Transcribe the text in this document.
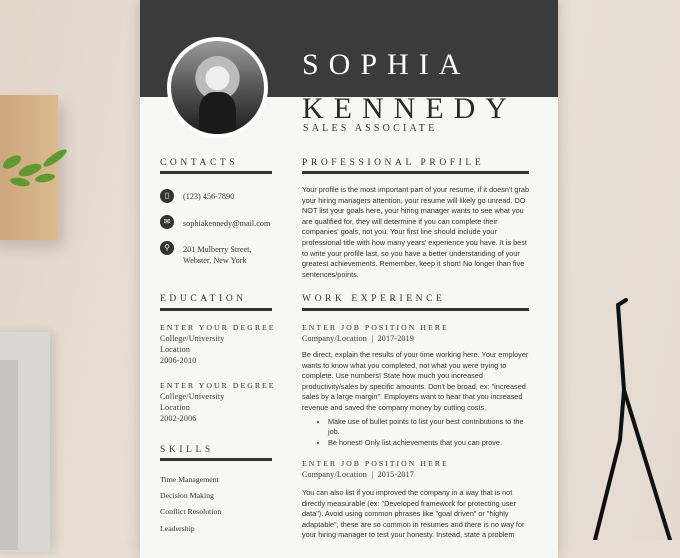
SOPHIA
KENNEDY
SALES ASSOCIATE
CONTACTS
▯	(123) 456-7890
✉	sophiakennedy@mail.com
⚲	201 Mulberry Street,
Webster, New York
PROFESSIONAL PROFILE
Your profile is the most important part of your resume, if it doesn't grab your hiring managers attention, your resume will likely go unread. DO NOT list your goals here, your hiring manager wants to see what you are qualified for, they will determine if you can complete their companies' goals, not you. Your first line should include your professional title with how many years' experience you have. It is best to write your profile last, so you have a better understanding of your greatest achievements. Remember, keep it short! No longer than five sentences/points.
EDUCATION
ENTER YOUR DEGREE
College/University
Location
2006-2010
ENTER YOUR DEGREE
College/University
Location
2002-2006
SKILLS
Time Management
Decision Making
Conflict Resolution
Leadership
WORK EXPERIENCE
ENTER JOB POSITION HERE
Company/Location  |  2017-2019
Be direct, explain the results of your time working here. Your employer wants to know what you completed, not what you were trying to complete. Use numbers! State how much you increased productivity/sales by specific amounts. Don't be broad, ex: "increased sales by a large margin". Employers want to hear that you increased revenue and saved the company money by cutting costs.
• Make use of bullet points to list your best contributions to the job.
• Be honest! Only list achievements that you can prove.
ENTER JOB POSITION HERE
Company/Location  |  2015-2017
You can also list if you improved the company in a way that is not directly measurable (ex: "Developed framework for protecting user data"). Avoid using common phrases like "goal driven" or "highly adaptable", these are so common in resumes and there is no way for your hiring manager to test your honesty. Instead, state a problem
